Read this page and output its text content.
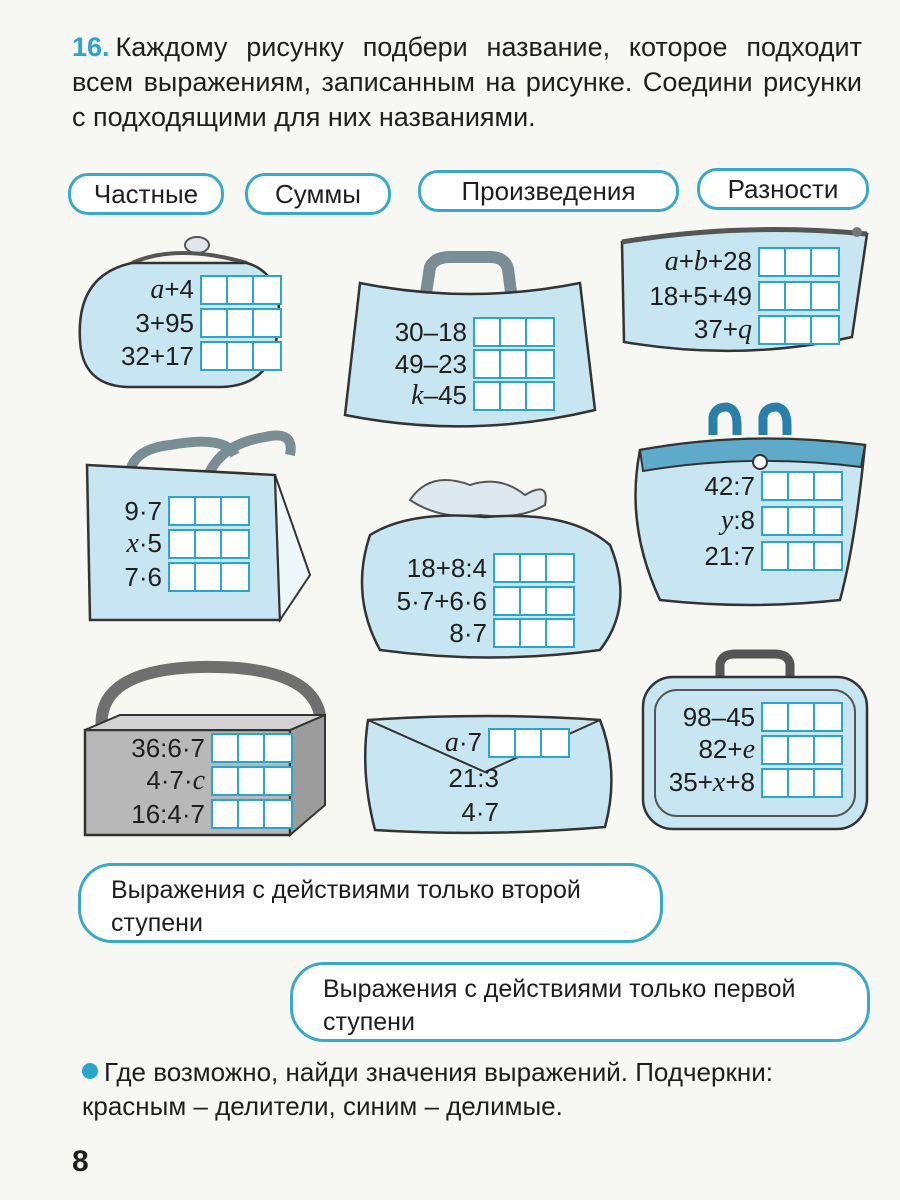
16. Каждому рисунку подбери название, которое подходит всем выражениям, записанным на рисунке. Соедини рисунки с подходящими для них названиями.
Частные	Суммы	Произведения	Разности
a+4
3+95
32+17
30–18
49–23
k–45
a+b+28
18+5+49
37+q
9·7
x·5
7·6	18+8:4
5·7+6·6
8·7
42:7
y:8
21:7
36:6·7
4·7·c
16:4·7
a·7
21:3
4·7
98–45
82+e
35+x+8
Выражения с действиями только второй ступени
Выражения с действиями только первой ступени
Где возможно, найди значения выражений. Подчеркни: красным – делители, синим – делимые.
8
